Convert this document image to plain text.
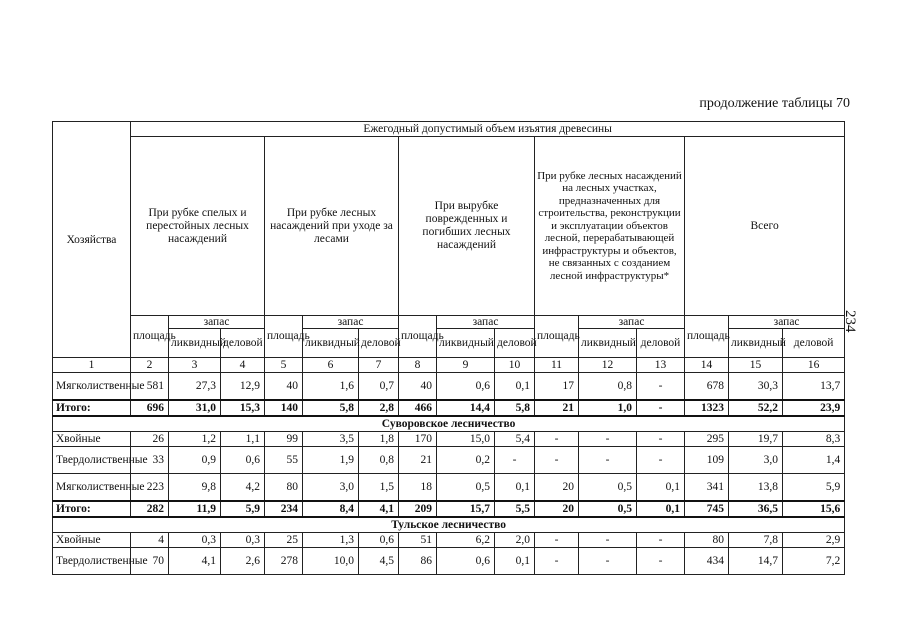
продолжение таблицы 70
234
Хозяйства	Ежегодный допустимый объем изъятия древесины														
	При рубке спелых и перестойных лесных насаждений			При рубке лесных насаждений при уходе за лесами			При вырубке поврежденных и погибших лесных насаждений			При рубке лесных насаждений на лесных участках, предназначенных для строительства, реконструкции и эксплуатации объектов лесной, перерабатывающей инфраструктуры и объектов, не связанных с созданием лесной инфраструктуры*			Всего		
	площадь	запас		площадь	запас		площадь	запас		площадь	запас		площадь	запас	
		ликвидный	деловой		ликвидный	деловой		ликвидный	деловой		ликвидный	деловой		ликвидный	деловой
1	2	3	4	5	6	7	8	9	10	11	12	13	14	15	16
Мягколиственные	581	27,3	12,9	40	1,6	0,7	40	0,6	0,1	17	0,8	-	678	30,3	13,7
Итого:	696	31,0	15,3	140	5,8	2,8	466	14,4	5,8	21	1,0	-	1323	52,2	23,9
Суворовское лесничество															
Хвойные	26	1,2	1,1	99	3,5	1,8	170	15,0	5,4	-	-	-	295	19,7	8,3
Твердолиственные	33	0,9	0,6	55	1,9	0,8	21	0,2	-	-	-	-	109	3,0	1,4
Мягколиственные	223	9,8	4,2	80	3,0	1,5	18	0,5	0,1	20	0,5	0,1	341	13,8	5,9
Итого:	282	11,9	5,9	234	8,4	4,1	209	15,7	5,5	20	0,5	0,1	745	36,5	15,6
Тульское лесничество															
Хвойные	4	0,3	0,3	25	1,3	0,6	51	6,2	2,0	-	-	-	80	7,8	2,9
Твердолиственные	70	4,1	2,6	278	10,0	4,5	86	0,6	0,1	-	-	-	434	14,7	7,2
